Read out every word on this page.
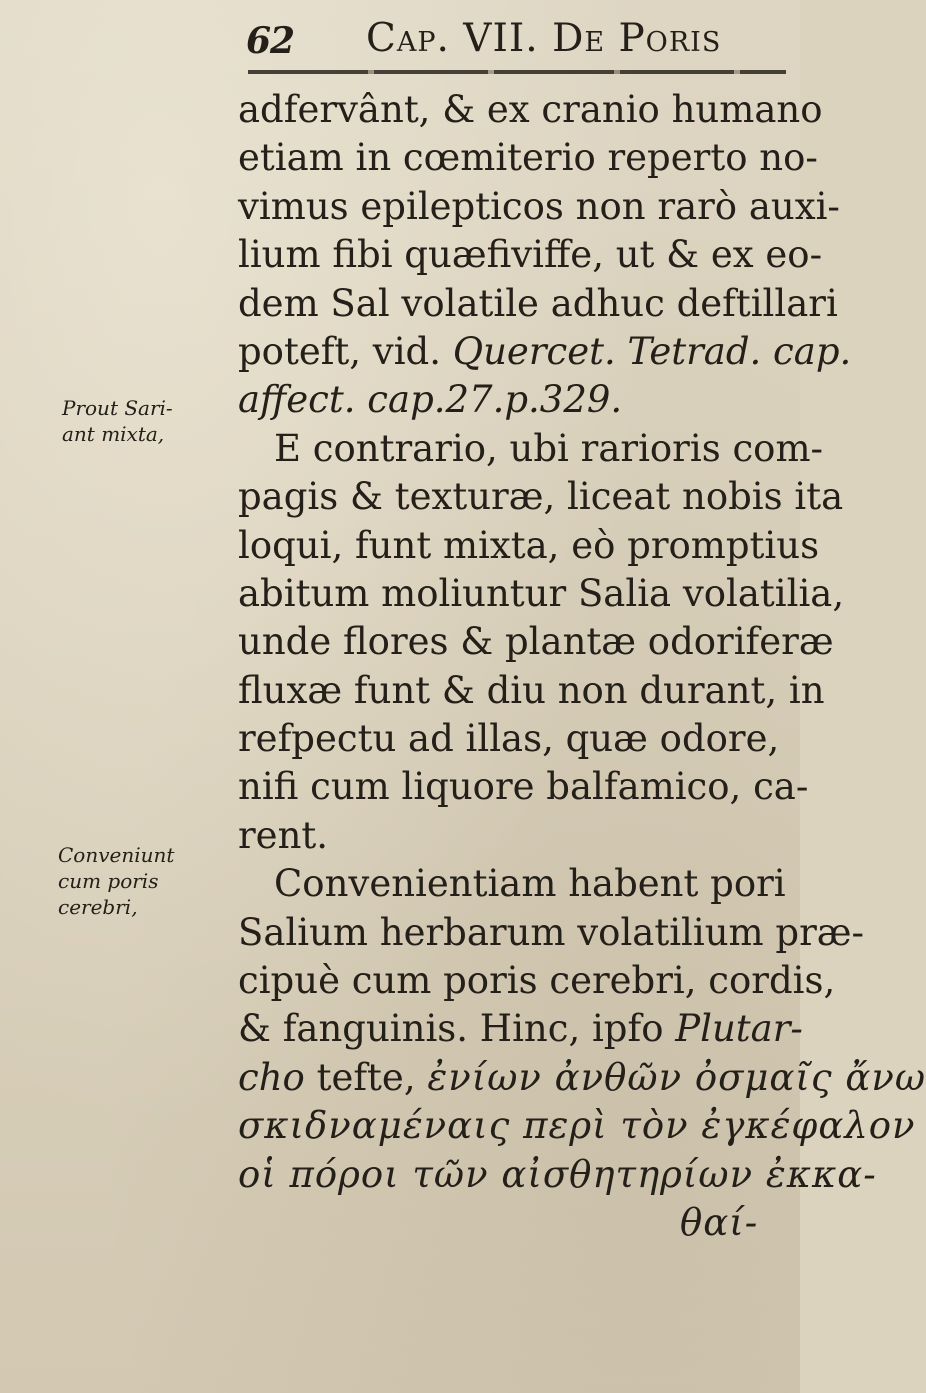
62 Cap. VII. De Poris
Prout Sari-
ant mixta,
Conveniunt
cum poris
cerebri,
adfervânt, & ex cranio humano
etiam in cœmiterio reperto no-
vimus epilepticos non rarò auxi-
lium fibi quæfiviffe, ut & ex eo-
dem Sal volatile adhuc deftillari
poteft, vid. Quercet. Tetrad. cap.
affect. cap.27.p.329.
E contrario, ubi rarioris com-
pagis & texturæ, liceat nobis ita
loqui, funt mixta, eò promptius
abitum moliuntur Salia volatilia,
unde flores & plantæ odoriferæ
fluxæ funt & diu non durant, in
refpectu ad illas, quæ odore,
nifi cum liquore balfamico, ca-
rent.
Convenientiam habent pori
Salium herbarum volatilium præ-
cipuè cum poris cerebri, cordis,
& fanguinis. Hinc, ipfo Plutar-
cho tefte, ἐνίων ἀνθῶν ὀσμαῖς ἄνω
σκιδναμέναις περὶ τὸν ἐγκέφαλον
οἱ πόροι τῶν αἰσθητηρίων ἐκκα-
θαί-
